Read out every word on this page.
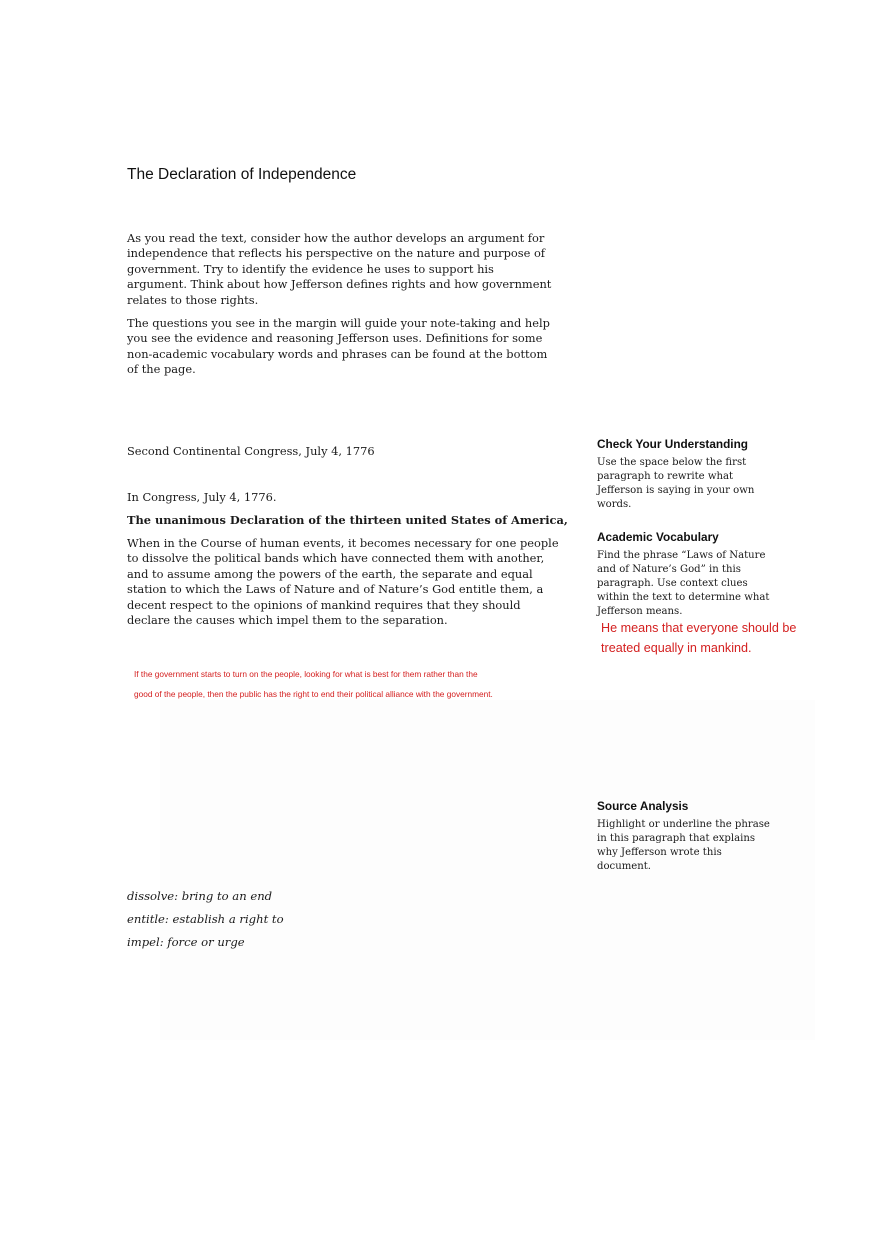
The Declaration of Independence

As you read the text, consider how the author develops an argument for independence that reflects his perspective on the nature and purpose of government. Try to identify the evidence he uses to support his argument. Think about how Jefferson defines rights and how government relates to those rights.

The questions you see in the margin will guide your note-taking and help you see the evidence and reasoning Jefferson uses. Definitions for some non-academic vocabulary words and phrases can be found at the bottom of the page.

Second Continental Congress, July 4, 1776
In Congress, July 4, 1776.
The unanimous Declaration of the thirteen united States of America,

When in the Course of human events, it becomes necessary for one people to dissolve the political bands which have connected them with another, and to assume among the powers of the earth, the separate and equal station to which the Laws of Nature and of Nature’s God entitle them, a decent respect to the opinions of mankind requires that they should declare the causes which impel them to the separation.

If the government starts to turn on the people, looking for what is best for them rather than the good of the people, then the public has the right to end their political alliance with the government.

Check Your Understanding

Use the space below the first paragraph to rewrite what Jefferson is saying in your own words.

Academic Vocabulary

Find the phrase “Laws of Nature and of Nature’s God” in this paragraph. Use context clues within the text to determine what Jefferson means.

He means that everyone should be treated equally in mankind.

Source Analysis

Highlight or underline the phrase in this paragraph that explains why Jefferson wrote this document.

dissolve: bring to an end
entitle: establish a right to
impel: force or urge
